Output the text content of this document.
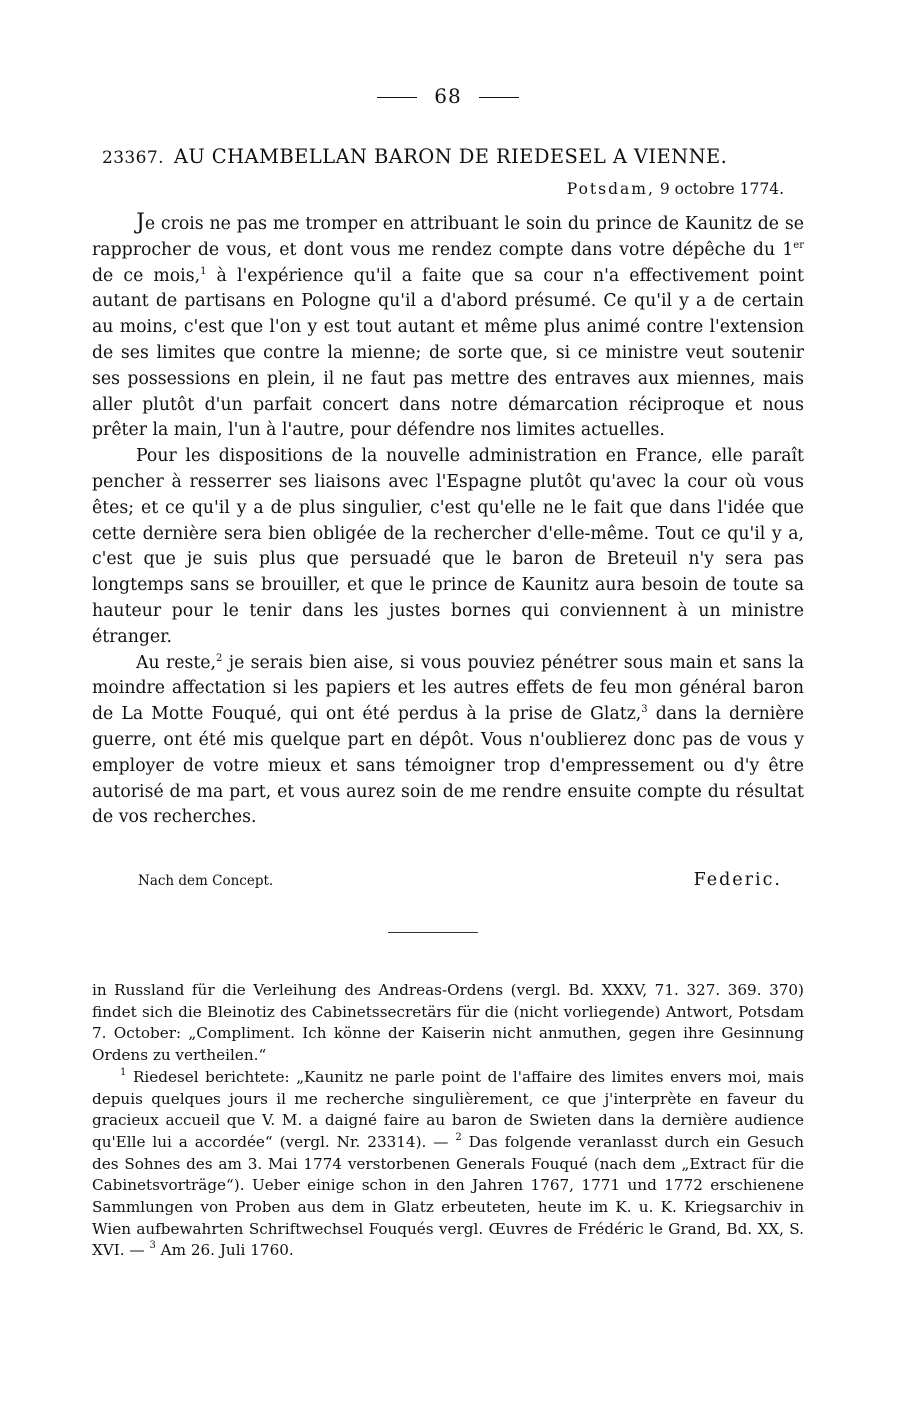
68
23367. AU CHAMBELLAN BARON DE RIEDESEL A VIENNE.
Potsdam, 9 octobre 1774.

Je crois ne pas me tromper en attribuant le soin du prince de Kaunitz de se rapprocher de vous, et dont vous me rendez compte dans votre dépêche du 1er de ce mois,$^1$ à l'expérience qu'il a faite que sa cour n'a effectivement point autant de partisans en Pologne qu'il a d'abord présumé. Ce qu'il y a de certain au moins, c'est que l'on y est tout autant et même plus animé contre l'extension de ses limites que contre la mienne; de sorte que, si ce ministre veut soutenir ses possessions en plein, il ne faut pas mettre des entraves aux miennes, mais aller plutôt d'un parfait concert dans notre démarcation réciproque et nous prêter la main, l'un à l'autre, pour défendre nos limites actuelles.

Pour les dispositions de la nouvelle administration en France, elle paraît pencher à resserrer ses liaisons avec l'Espagne plutôt qu'avec la cour où vous êtes; et ce qu'il y a de plus singulier, c'est qu'elle ne le fait que dans l'idée que cette dernière sera bien obligée de la rechercher d'elle-même. Tout ce qu'il y a, c'est que je suis plus que persuadé que le baron de Breteuil n'y sera pas longtemps sans se brouiller, et que le prince de Kaunitz aura besoin de toute sa hauteur pour le tenir dans les justes bornes qui conviennent à un ministre étranger.

Au reste,$^2$ je serais bien aise, si vous pouviez pénétrer sous main et sans la moindre affectation si les papiers et les autres effets de feu mon général baron de La Motte Fouqué, qui ont été perdus à la prise de Glatz,$^3$ dans la dernière guerre, ont été mis quelque part en dépôt. Vous n'oublierez donc pas de vous y employer de votre mieux et sans témoigner trop d'empressement ou d'y être autorisé de ma part, et vous aurez soin de me rendre ensuite compte du résultat de vos recherches.

Nach dem Concept.	Federic.

in Russland für die Verleihung des Andreas-Ordens (vergl. Bd. XXXV, 71. 327. 369. 370) findet sich die Bleinotiz des Cabinetssecretärs für die (nicht vorliegende) Antwort, Potsdam 7. October: „Compliment. Ich könne der Kaiserin nicht anmuthen, gegen ihre Gesinnung Ordens zu vertheilen.“

$^1$ Riedesel berichtete: „Kaunitz ne parle point de l'affaire des limites envers moi, mais depuis quelques jours il me recherche singulièrement, ce que j'interprète en faveur du gracieux accueil que V. M. a daigné faire au baron de Swieten dans la dernière audience qu'Elle lui a accordée“ (vergl. Nr. 23314). — $^2$ Das folgende veranlasst durch ein Gesuch des Sohnes des am 3. Mai 1774 verstorbenen Generals Fouqué (nach dem „Extract für die Cabinetsvorträge“). Ueber einige schon in den Jahren 1767, 1771 und 1772 erschienene Sammlungen von Proben aus dem in Glatz erbeuteten, heute im K. u. K. Kriegsarchiv in Wien aufbewahrten Schriftwechsel Fouqués vergl. Œuvres de Frédéric le Grand, Bd. XX, S. XVI. — $^3$ Am 26. Juli 1760.
